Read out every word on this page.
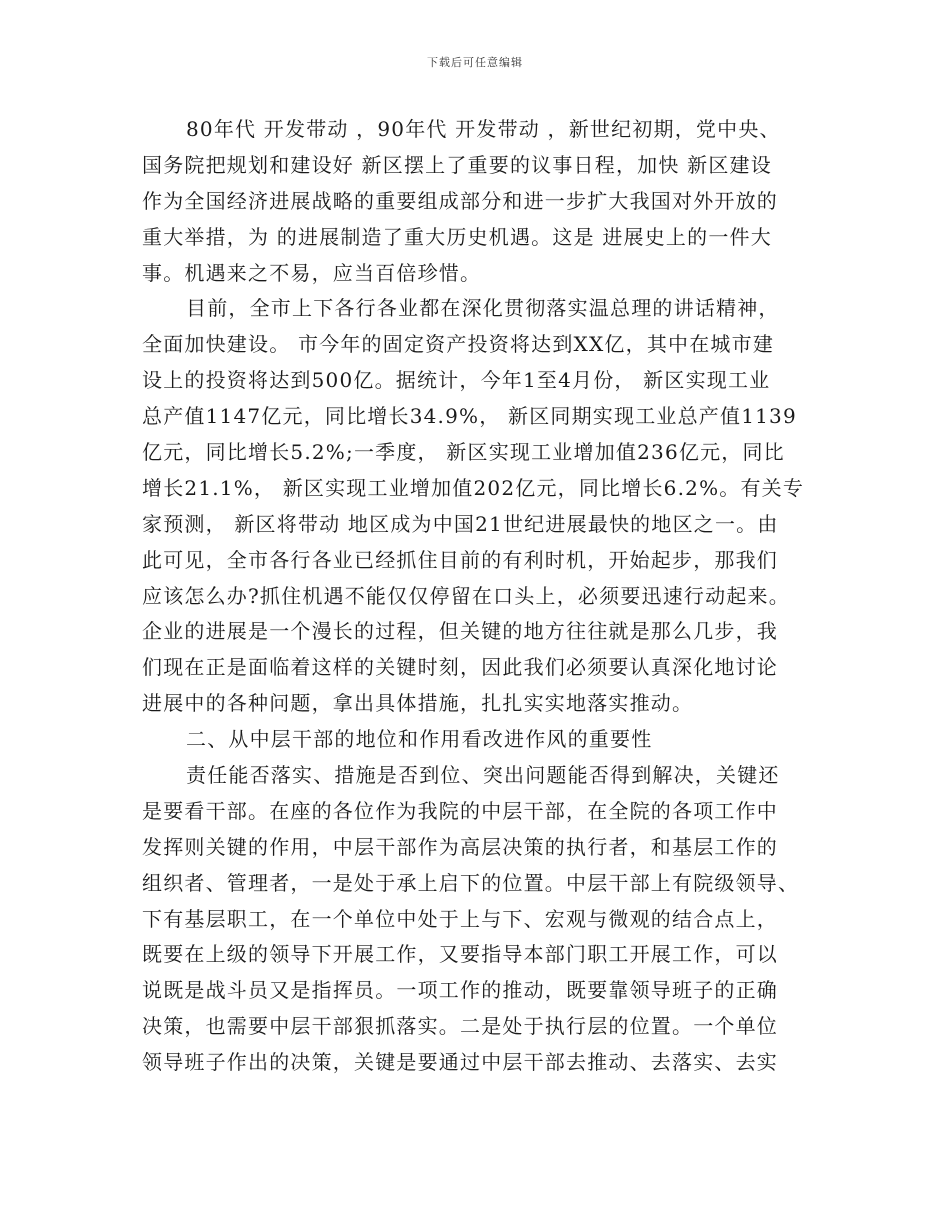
下载后可任意编辑
80年代 开发带动 ，90年代 开发带动 ，新世纪初期，党中央、
国务院把规划和建设好 新区摆上了重要的议事日程，加快 新区建设
作为全国经济进展战略的重要组成部分和进一步扩大我国对外开放的
重大举措，为 的进展制造了重大历史机遇。这是 进展史上的一件大
事。机遇来之不易，应当百倍珍惜。
目前，全市上下各行各业都在深化贯彻落实温总理的讲话精神，
全面加快建设。 市今年的固定资产投资将达到XX亿，其中在城市建
设上的投资将达到500亿。据统计，今年1至4月份， 新区实现工业
总产值1147亿元，同比增长34.9%， 新区同期实现工业总产值1139
亿元，同比增长5.2%;一季度， 新区实现工业增加值236亿元，同比
增长21.1%， 新区实现工业增加值202亿元，同比增长6.2%。有关专
家预测， 新区将带动 地区成为中国21世纪进展最快的地区之一。由
此可见，全市各行各业已经抓住目前的有利时机，开始起步，那我们
应该怎么办?抓住机遇不能仅仅停留在口头上，必须要迅速行动起来。
企业的进展是一个漫长的过程，但关键的地方往往就是那么几步，我
们现在正是面临着这样的关键时刻，因此我们必须要认真深化地讨论
进展中的各种问题，拿出具体措施，扎扎实实地落实推动。
二、从中层干部的地位和作用看改进作风的重要性
责任能否落实、措施是否到位、突出问题能否得到解决，关键还
是要看干部。在座的各位作为我院的中层干部，在全院的各项工作中
发挥则关键的作用，中层干部作为高层决策的执行者，和基层工作的
组织者、管理者，一是处于承上启下的位置。中层干部上有院级领导、
下有基层职工，在一个单位中处于上与下、宏观与微观的结合点上，
既要在上级的领导下开展工作，又要指导本部门职工开展工作，可以
说既是战斗员又是指挥员。一项工作的推动，既要靠领导班子的正确
决策，也需要中层干部狠抓落实。二是处于执行层的位置。一个单位
领导班子作出的决策，关键是要通过中层干部去推动、去落实、去实
